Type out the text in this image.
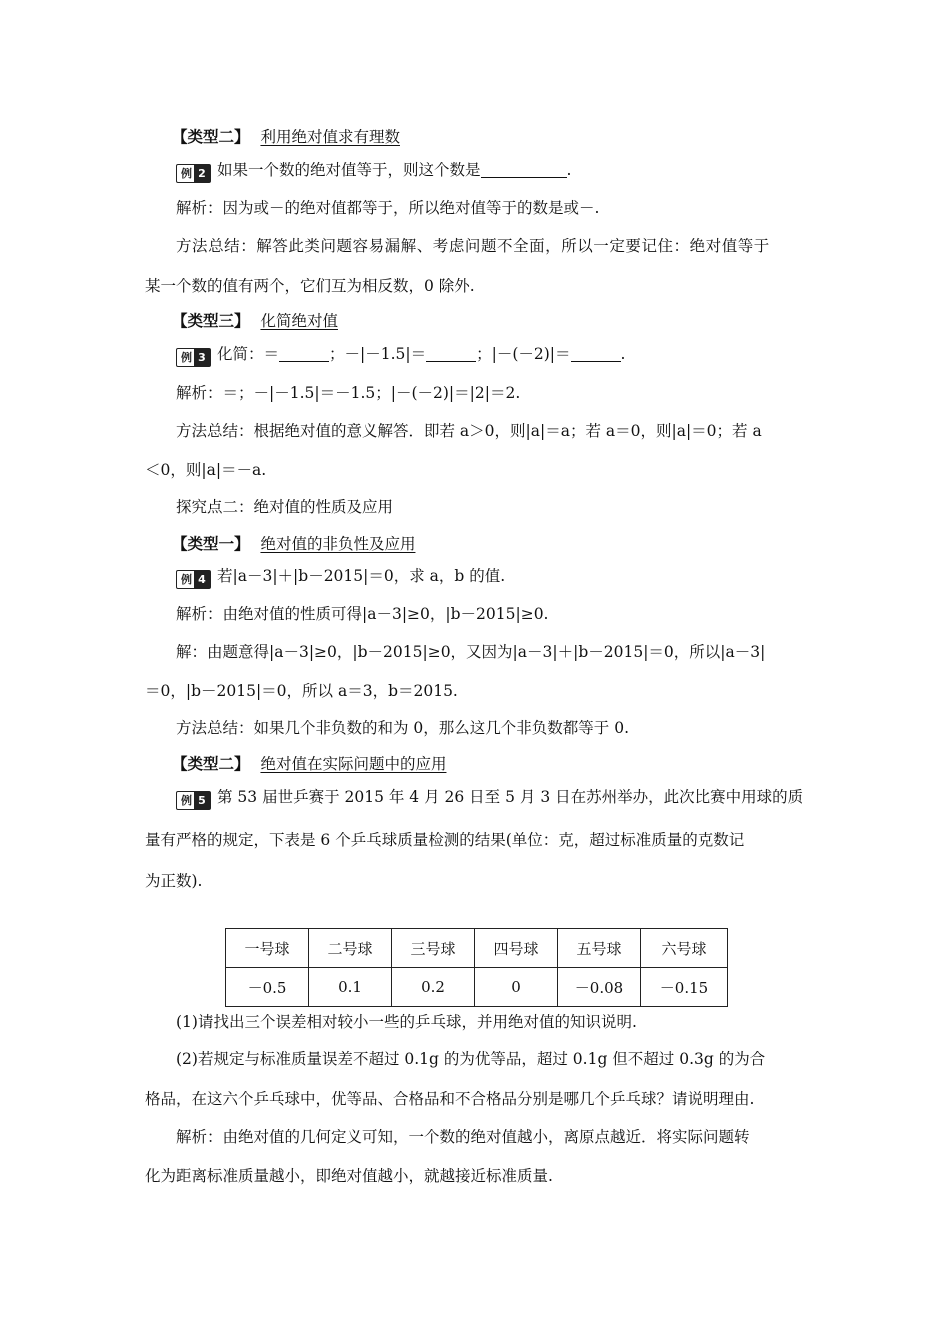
【类型二】 利用绝对值求有理数
例 2 如果一个数的绝对值等于，则这个数是	.
解析：因为或－的绝对值都等于，所以绝对值等于的数是或－.
方法总结：解答此类问题容易漏解、考虑问题不全面，所以一定要记住：绝对值等于
某一个数的值有两个，它们互为相反数，0 除外.
【类型三】 化简绝对值
例 3 化简：＝	；－|－1.5|＝	；|－(－2)|＝	.
解析：＝；－|－1.5|＝－1.5；|－(－2)|＝|2|＝2.
方法总结：根据绝对值的意义解答．即若 a＞0，则|a|＝a；若 a＝0，则|a|＝0；若 a
＜0，则|a|＝－a.
探究点二：绝对值的性质及应用
【类型一】 绝对值的非负性及应用
例 4 若|a－3|＋|b－2015|＝0，求 a，b 的值.
解析：由绝对值的性质可得|a－3|≥0，|b－2015|≥0.
解：由题意得|a－3|≥0，|b－2015|≥0，又因为|a－3|＋|b－2015|＝0，所以|a－3|
＝0，|b－2015|＝0，所以 a＝3，b＝2015.
方法总结：如果几个非负数的和为 0，那么这几个非负数都等于 0.
【类型二】 绝对值在实际问题中的应用
例 5 第 53 届世乒赛于 2015 年 4 月 26 日至 5 月 3 日在苏州举办，此次比赛中用球的质
量有严格的规定，下表是 6 个乒乓球质量检测的结果(单位：克，超过标准质量的克数记
为正数).
一号球	二号球	三号球	四号球	五号球	六号球
－0.5	0.1	0.2	0	－0.08	－0.15
(1)请找出三个误差相对较小一些的乒乓球，并用绝对值的知识说明.
(2)若规定与标准质量误差不超过 0.1g 的为优等品，超过 0.1g 但不超过 0.3g 的为合
格品，在这六个乒乓球中，优等品、合格品和不合格品分别是哪几个乒乓球？请说明理由.
解析：由绝对值的几何定义可知，一个数的绝对值越小，离原点越近．将实际问题转
化为距离标准质量越小，即绝对值越小，就越接近标准质量.
